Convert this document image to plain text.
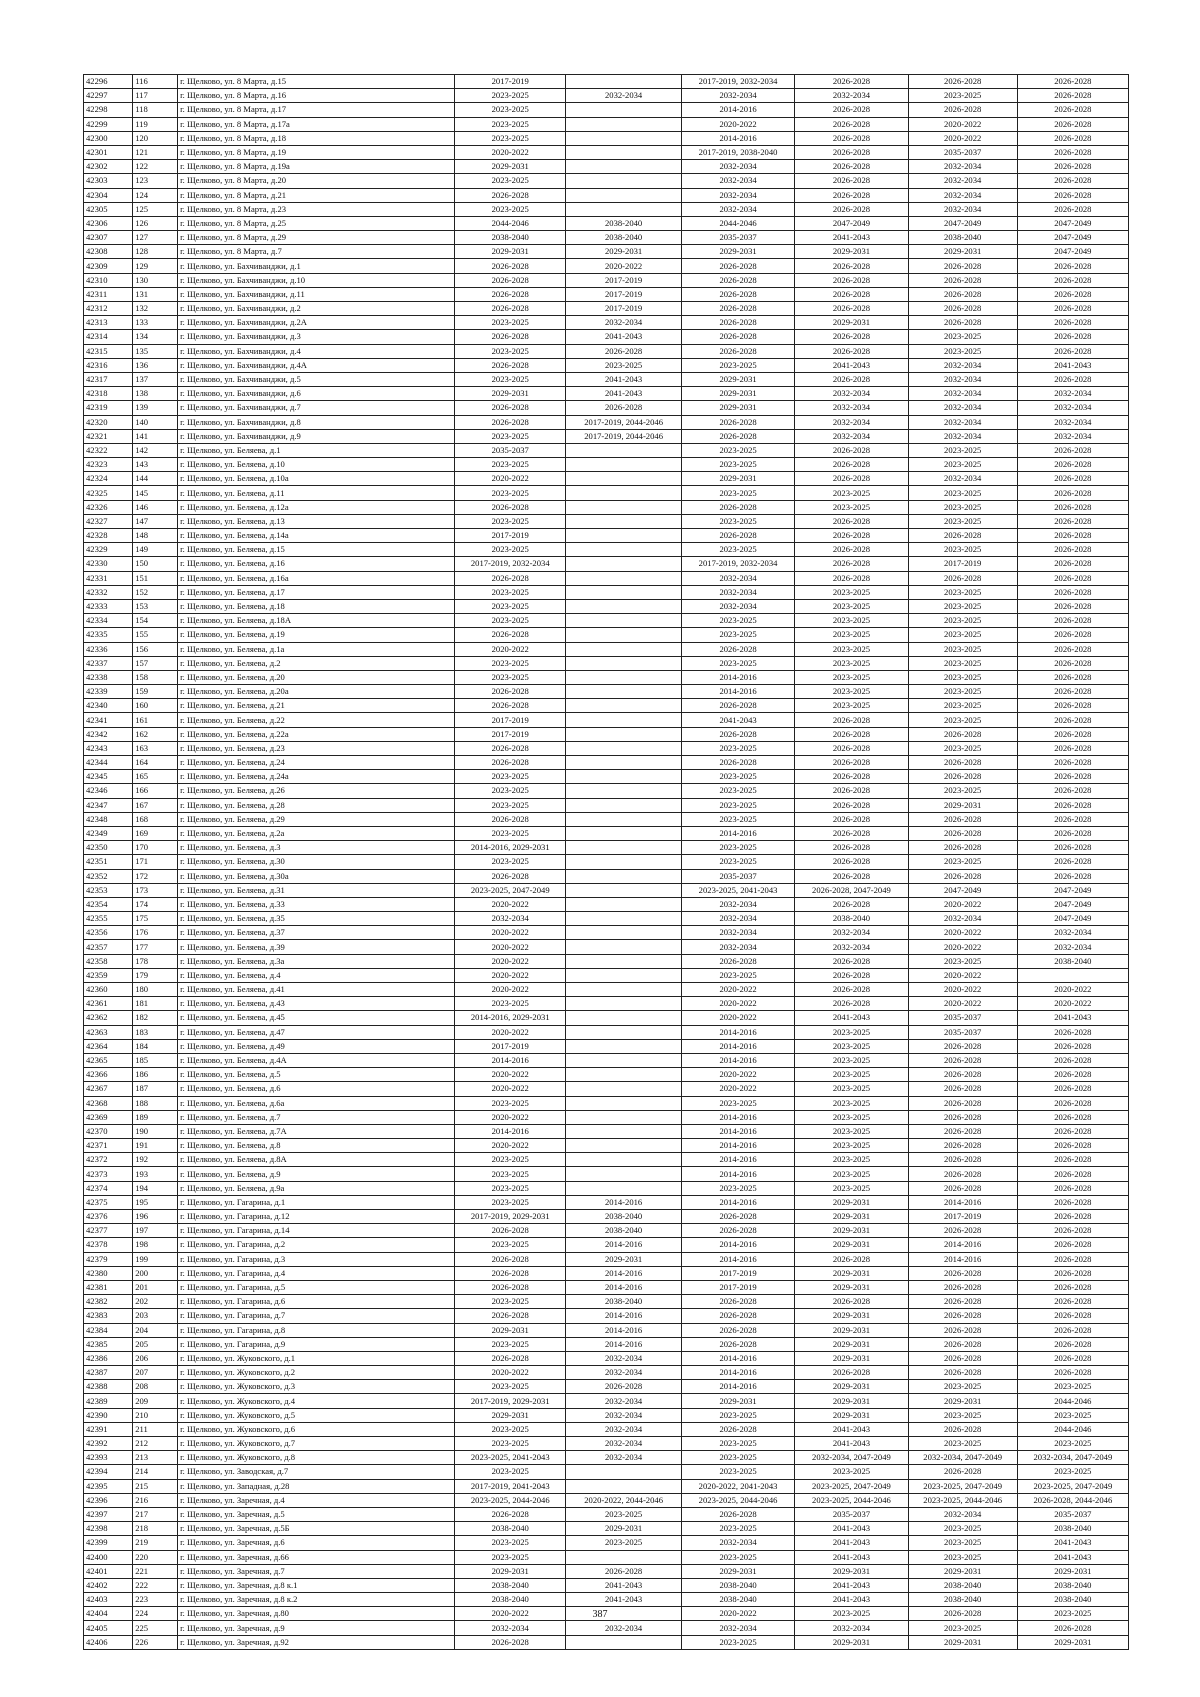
42296	116	г. Щелково, ул. 8 Марта, д.15	2017-2019		2017-2019, 2032-2034	2026-2028	2026-2028	2026-2028
42297	117	г. Щелково, ул. 8 Марта, д.16	2023-2025	2032-2034	2032-2034	2032-2034	2023-2025	2026-2028
42298	118	г. Щелково, ул. 8 Марта, д.17	2023-2025		2014-2016	2026-2028	2026-2028	2026-2028
42299	119	г. Щелково, ул. 8 Марта, д.17а	2023-2025		2020-2022	2026-2028	2020-2022	2026-2028
42300	120	г. Щелково, ул. 8 Марта, д.18	2023-2025		2014-2016	2026-2028	2020-2022	2026-2028
42301	121	г. Щелково, ул. 8 Марта, д.19	2020-2022		2017-2019, 2038-2040	2026-2028	2035-2037	2026-2028
42302	122	г. Щелково, ул. 8 Марта, д.19а	2029-2031		2032-2034	2026-2028	2032-2034	2026-2028
42303	123	г. Щелково, ул. 8 Марта, д.20	2023-2025		2032-2034	2026-2028	2032-2034	2026-2028
42304	124	г. Щелково, ул. 8 Марта, д.21	2026-2028		2032-2034	2026-2028	2032-2034	2026-2028
42305	125	г. Щелково, ул. 8 Марта, д.23	2023-2025		2032-2034	2026-2028	2032-2034	2026-2028
42306	126	г. Щелково, ул. 8 Марта, д.25	2044-2046	2038-2040	2044-2046	2047-2049	2047-2049	2047-2049
42307	127	г. Щелково, ул. 8 Марта, д.29	2038-2040	2038-2040	2035-2037	2041-2043	2038-2040	2047-2049
42308	128	г. Щелково, ул. 8 Марта, д.7	2029-2031	2029-2031	2029-2031	2029-2031	2029-2031	2047-2049
42309	129	г. Щелково, ул. Бахчиванджи, д.1	2026-2028	2020-2022	2026-2028	2026-2028	2026-2028	2026-2028
42310	130	г. Щелково, ул. Бахчиванджи, д.10	2026-2028	2017-2019	2026-2028	2026-2028	2026-2028	2026-2028
42311	131	г. Щелково, ул. Бахчиванджи, д.11	2026-2028	2017-2019	2026-2028	2026-2028	2026-2028	2026-2028
42312	132	г. Щелково, ул. Бахчиванджи, д.2	2026-2028	2017-2019	2026-2028	2026-2028	2026-2028	2026-2028
42313	133	г. Щелково, ул. Бахчиванджи, д.2А	2023-2025	2032-2034	2026-2028	2029-2031	2026-2028	2026-2028
42314	134	г. Щелково, ул. Бахчиванджи, д.3	2026-2028	2041-2043	2026-2028	2026-2028	2023-2025	2026-2028
42315	135	г. Щелково, ул. Бахчиванджи, д.4	2023-2025	2026-2028	2026-2028	2026-2028	2023-2025	2026-2028
42316	136	г. Щелково, ул. Бахчиванджи, д.4А	2026-2028	2023-2025	2023-2025	2041-2043	2032-2034	2041-2043
42317	137	г. Щелково, ул. Бахчиванджи, д.5	2023-2025	2041-2043	2029-2031	2026-2028	2032-2034	2026-2028
42318	138	г. Щелково, ул. Бахчиванджи, д.6	2029-2031	2041-2043	2029-2031	2032-2034	2032-2034	2032-2034
42319	139	г. Щелково, ул. Бахчиванджи, д.7	2026-2028	2026-2028	2029-2031	2032-2034	2032-2034	2032-2034
42320	140	г. Щелково, ул. Бахчиванджи, д.8	2026-2028	2017-2019, 2044-2046	2026-2028	2032-2034	2032-2034	2032-2034
42321	141	г. Щелково, ул. Бахчиванджи, д.9	2023-2025	2017-2019, 2044-2046	2026-2028	2032-2034	2032-2034	2032-2034
42322	142	г. Щелково, ул. Беляева, д.1	2035-2037		2023-2025	2026-2028	2023-2025	2026-2028
42323	143	г. Щелково, ул. Беляева, д.10	2023-2025		2023-2025	2026-2028	2023-2025	2026-2028
42324	144	г. Щелково, ул. Беляева, д.10а	2020-2022		2029-2031	2026-2028	2032-2034	2026-2028
42325	145	г. Щелково, ул. Беляева, д.11	2023-2025		2023-2025	2023-2025	2023-2025	2026-2028
42326	146	г. Щелково, ул. Беляева, д.12а	2026-2028		2026-2028	2023-2025	2023-2025	2026-2028
42327	147	г. Щелково, ул. Беляева, д.13	2023-2025		2023-2025	2026-2028	2023-2025	2026-2028
42328	148	г. Щелково, ул. Беляева, д.14а	2017-2019		2026-2028	2026-2028	2026-2028	2026-2028
42329	149	г. Щелково, ул. Беляева, д.15	2023-2025		2023-2025	2026-2028	2023-2025	2026-2028
42330	150	г. Щелково, ул. Беляева, д.16	2017-2019, 2032-2034		2017-2019, 2032-2034	2026-2028	2017-2019	2026-2028
42331	151	г. Щелково, ул. Беляева, д.16а	2026-2028		2032-2034	2026-2028	2026-2028	2026-2028
42332	152	г. Щелково, ул. Беляева, д.17	2023-2025		2032-2034	2023-2025	2023-2025	2026-2028
42333	153	г. Щелково, ул. Беляева, д.18	2023-2025		2032-2034	2023-2025	2023-2025	2026-2028
42334	154	г. Щелково, ул. Беляева, д.18А	2023-2025		2023-2025	2023-2025	2023-2025	2026-2028
42335	155	г. Щелково, ул. Беляева, д.19	2026-2028		2023-2025	2023-2025	2023-2025	2026-2028
42336	156	г. Щелково, ул. Беляева, д.1а	2020-2022		2026-2028	2023-2025	2023-2025	2026-2028
42337	157	г. Щелково, ул. Беляева, д.2	2023-2025		2023-2025	2023-2025	2023-2025	2026-2028
42338	158	г. Щелково, ул. Беляева, д.20	2023-2025		2014-2016	2023-2025	2023-2025	2026-2028
42339	159	г. Щелково, ул. Беляева, д.20а	2026-2028		2014-2016	2023-2025	2023-2025	2026-2028
42340	160	г. Щелково, ул. Беляева, д.21	2026-2028		2026-2028	2023-2025	2023-2025	2026-2028
42341	161	г. Щелково, ул. Беляева, д.22	2017-2019		2041-2043	2026-2028	2023-2025	2026-2028
42342	162	г. Щелково, ул. Беляева, д.22а	2017-2019		2026-2028	2026-2028	2026-2028	2026-2028
42343	163	г. Щелково, ул. Беляева, д.23	2026-2028		2023-2025	2026-2028	2023-2025	2026-2028
42344	164	г. Щелково, ул. Беляева, д.24	2026-2028		2026-2028	2026-2028	2026-2028	2026-2028
42345	165	г. Щелково, ул. Беляева, д.24а	2023-2025		2023-2025	2026-2028	2026-2028	2026-2028
42346	166	г. Щелково, ул. Беляева, д.26	2023-2025		2023-2025	2026-2028	2023-2025	2026-2028
42347	167	г. Щелково, ул. Беляева, д.28	2023-2025		2023-2025	2026-2028	2029-2031	2026-2028
42348	168	г. Щелково, ул. Беляева, д.29	2026-2028		2023-2025	2026-2028	2026-2028	2026-2028
42349	169	г. Щелково, ул. Беляева, д.2а	2023-2025		2014-2016	2026-2028	2026-2028	2026-2028
42350	170	г. Щелково, ул. Беляева, д.3	2014-2016, 2029-2031		2023-2025	2026-2028	2026-2028	2026-2028
42351	171	г. Щелково, ул. Беляева, д.30	2023-2025		2023-2025	2026-2028	2023-2025	2026-2028
42352	172	г. Щелково, ул. Беляева, д.30а	2026-2028		2035-2037	2026-2028	2026-2028	2026-2028
42353	173	г. Щелково, ул. Беляева, д.31	2023-2025, 2047-2049		2023-2025, 2041-2043	2026-2028, 2047-2049	2047-2049	2047-2049
42354	174	г. Щелково, ул. Беляева, д.33	2020-2022		2032-2034	2026-2028	2020-2022	2047-2049
42355	175	г. Щелково, ул. Беляева, д.35	2032-2034		2032-2034	2038-2040	2032-2034	2047-2049
42356	176	г. Щелково, ул. Беляева, д.37	2020-2022		2032-2034	2032-2034	2020-2022	2032-2034
42357	177	г. Щелково, ул. Беляева, д.39	2020-2022		2032-2034	2032-2034	2020-2022	2032-2034
42358	178	г. Щелково, ул. Беляева, д.3а	2020-2022		2026-2028	2026-2028	2023-2025	2038-2040
42359	179	г. Щелково, ул. Беляева, д.4	2020-2022		2023-2025	2026-2028	2020-2022	
42360	180	г. Щелково, ул. Беляева, д.41	2020-2022		2020-2022	2026-2028	2020-2022	2020-2022
42361	181	г. Щелково, ул. Беляева, д.43	2023-2025		2020-2022	2026-2028	2020-2022	2020-2022
42362	182	г. Щелково, ул. Беляева, д.45	2014-2016, 2029-2031		2020-2022	2041-2043	2035-2037	2041-2043
42363	183	г. Щелково, ул. Беляева, д.47	2020-2022		2014-2016	2023-2025	2035-2037	2026-2028
42364	184	г. Щелково, ул. Беляева, д.49	2017-2019		2014-2016	2023-2025	2026-2028	2026-2028
42365	185	г. Щелково, ул. Беляева, д.4А	2014-2016		2014-2016	2023-2025	2026-2028	2026-2028
42366	186	г. Щелково, ул. Беляева, д.5	2020-2022		2020-2022	2023-2025	2026-2028	2026-2028
42367	187	г. Щелково, ул. Беляева, д.6	2020-2022		2020-2022	2023-2025	2026-2028	2026-2028
42368	188	г. Щелково, ул. Беляева, д.6а	2023-2025		2023-2025	2023-2025	2026-2028	2026-2028
42369	189	г. Щелково, ул. Беляева, д.7	2020-2022		2014-2016	2023-2025	2026-2028	2026-2028
42370	190	г. Щелково, ул. Беляева, д.7А	2014-2016		2014-2016	2023-2025	2026-2028	2026-2028
42371	191	г. Щелково, ул. Беляева, д.8	2020-2022		2014-2016	2023-2025	2026-2028	2026-2028
42372	192	г. Щелково, ул. Беляева, д.8А	2023-2025		2014-2016	2023-2025	2026-2028	2026-2028
42373	193	г. Щелково, ул. Беляева, д.9	2023-2025		2014-2016	2023-2025	2026-2028	2026-2028
42374	194	г. Щелково, ул. Беляева, д.9а	2023-2025		2023-2025	2023-2025	2026-2028	2026-2028
42375	195	г. Щелково, ул. Гагарина, д.1	2023-2025	2014-2016	2014-2016	2029-2031	2014-2016	2026-2028
42376	196	г. Щелково, ул. Гагарина, д.12	2017-2019, 2029-2031	2038-2040	2026-2028	2029-2031	2017-2019	2026-2028
42377	197	г. Щелково, ул. Гагарина, д.14	2026-2028	2038-2040	2026-2028	2029-2031	2026-2028	2026-2028
42378	198	г. Щелково, ул. Гагарина, д.2	2023-2025	2014-2016	2014-2016	2029-2031	2014-2016	2026-2028
42379	199	г. Щелково, ул. Гагарина, д.3	2026-2028	2029-2031	2014-2016	2026-2028	2014-2016	2026-2028
42380	200	г. Щелково, ул. Гагарина, д.4	2026-2028	2014-2016	2017-2019	2029-2031	2026-2028	2026-2028
42381	201	г. Щелково, ул. Гагарина, д.5	2026-2028	2014-2016	2017-2019	2029-2031	2026-2028	2026-2028
42382	202	г. Щелково, ул. Гагарина, д.6	2023-2025	2038-2040	2026-2028	2026-2028	2026-2028	2026-2028
42383	203	г. Щелково, ул. Гагарина, д.7	2026-2028	2014-2016	2026-2028	2029-2031	2026-2028	2026-2028
42384	204	г. Щелково, ул. Гагарина, д.8	2029-2031	2014-2016	2026-2028	2029-2031	2026-2028	2026-2028
42385	205	г. Щелково, ул. Гагарина, д.9	2023-2025	2014-2016	2026-2028	2029-2031	2026-2028	2026-2028
42386	206	г. Щелково, ул. Жуковского, д.1	2026-2028	2032-2034	2014-2016	2029-2031	2026-2028	2026-2028
42387	207	г. Щелково, ул. Жуковского, д.2	2020-2022	2032-2034	2014-2016	2026-2028	2026-2028	2026-2028
42388	208	г. Щелково, ул. Жуковского, д.3	2023-2025	2026-2028	2014-2016	2029-2031	2023-2025	2023-2025
42389	209	г. Щелково, ул. Жуковского, д.4	2017-2019, 2029-2031	2032-2034	2029-2031	2029-2031	2029-2031	2044-2046
42390	210	г. Щелково, ул. Жуковского, д.5	2029-2031	2032-2034	2023-2025	2029-2031	2023-2025	2023-2025
42391	211	г. Щелково, ул. Жуковского, д.6	2023-2025	2032-2034	2026-2028	2041-2043	2026-2028	2044-2046
42392	212	г. Щелково, ул. Жуковского, д.7	2023-2025	2032-2034	2023-2025	2041-2043	2023-2025	2023-2025
42393	213	г. Щелково, ул. Жуковского, д.8	2023-2025, 2041-2043	2032-2034	2023-2025	2032-2034, 2047-2049	2032-2034, 2047-2049	2032-2034, 2047-2049
42394	214	г. Щелково, ул. Заводская, д.7	2023-2025		2023-2025	2023-2025	2026-2028	2023-2025
42395	215	г. Щелково, ул. Западная, д.28	2017-2019, 2041-2043		2020-2022, 2041-2043	2023-2025, 2047-2049	2023-2025, 2047-2049	2023-2025, 2047-2049
42396	216	г. Щелково, ул. Заречная, д.4	2023-2025, 2044-2046	2020-2022, 2044-2046	2023-2025, 2044-2046	2023-2025, 2044-2046	2023-2025, 2044-2046	2026-2028, 2044-2046
42397	217	г. Щелково, ул. Заречная, д.5	2026-2028	2023-2025	2026-2028	2035-2037	2032-2034	2035-2037
42398	218	г. Щелково, ул. Заречная, д.5Б	2038-2040	2029-2031	2023-2025	2041-2043	2023-2025	2038-2040
42399	219	г. Щелково, ул. Заречная, д.6	2023-2025	2023-2025	2032-2034	2041-2043	2023-2025	2041-2043
42400	220	г. Щелково, ул. Заречная, д.66	2023-2025		2023-2025	2041-2043	2023-2025	2041-2043
42401	221	г. Щелково, ул. Заречная, д.7	2029-2031	2026-2028	2029-2031	2029-2031	2029-2031	2029-2031
42402	222	г. Щелково, ул. Заречная, д.8 к.1	2038-2040	2041-2043	2038-2040	2041-2043	2038-2040	2038-2040
42403	223	г. Щелково, ул. Заречная, д.8 к.2	2038-2040	2041-2043	2038-2040	2041-2043	2038-2040	2038-2040
42404	224	г. Щелково, ул. Заречная, д.80	2020-2022		2020-2022	2023-2025	2026-2028	2023-2025
42405	225	г. Щелково, ул. Заречная, д.9	2032-2034	2032-2034	2032-2034	2032-2034	2023-2025	2026-2028
42406	226	г. Щелково, ул. Заречная, д.92	2026-2028		2023-2025	2029-2031	2029-2031	2029-2031
387
